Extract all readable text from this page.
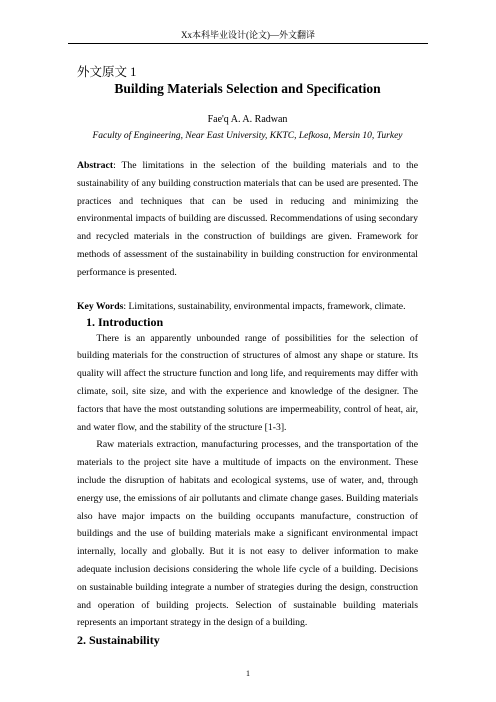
Xx本科毕业设计(论文)—外文翻译

外文原文 1

Building Materials Selection and Specification

Fae'q A. A. Radwan

Faculty of Engineering, Near East University, KKTC, Lefkosa, Mersin 10, Turkey

Abstract: The limitations in the selection of the building materials and to the sustainability of any building construction materials that can be used are presented. The practices and techniques that can be used in reducing and minimizing the environmental impacts of building are discussed. Recommendations of using secondary and recycled materials in the construction of buildings are given. Framework for methods of assessment of the sustainability in building construction for environmental performance is presented.

Key Words: Limitations, sustainability, environmental impacts, framework, climate.

1. Introduction

There is an apparently unbounded range of possibilities for the selection of building materials for the construction of structures of almost any shape or stature. Its quality will affect the structure function and long life, and requirements may differ with climate, soil, site size, and with the experience and knowledge of the designer. The factors that have the most outstanding solutions are impermeability, control of heat, air, and water flow, and the stability of the structure [1-3].

Raw materials extraction, manufacturing processes, and the transportation of the materials to the project site have a multitude of impacts on the environment. These include the disruption of habitats and ecological systems, use of water, and, through energy use, the emissions of air pollutants and climate change gases. Building materials also have major impacts on the building occupants manufacture, construction of buildings and the use of building materials make a significant environmental impact internally, locally and globally. But it is not easy to deliver information to make adequate inclusion decisions considering the whole life cycle of a building. Decisions on sustainable building integrate a number of strategies during the design, construction and operation of building projects. Selection of sustainable building materials represents an important strategy in the design of a building.

2. Sustainability

1
